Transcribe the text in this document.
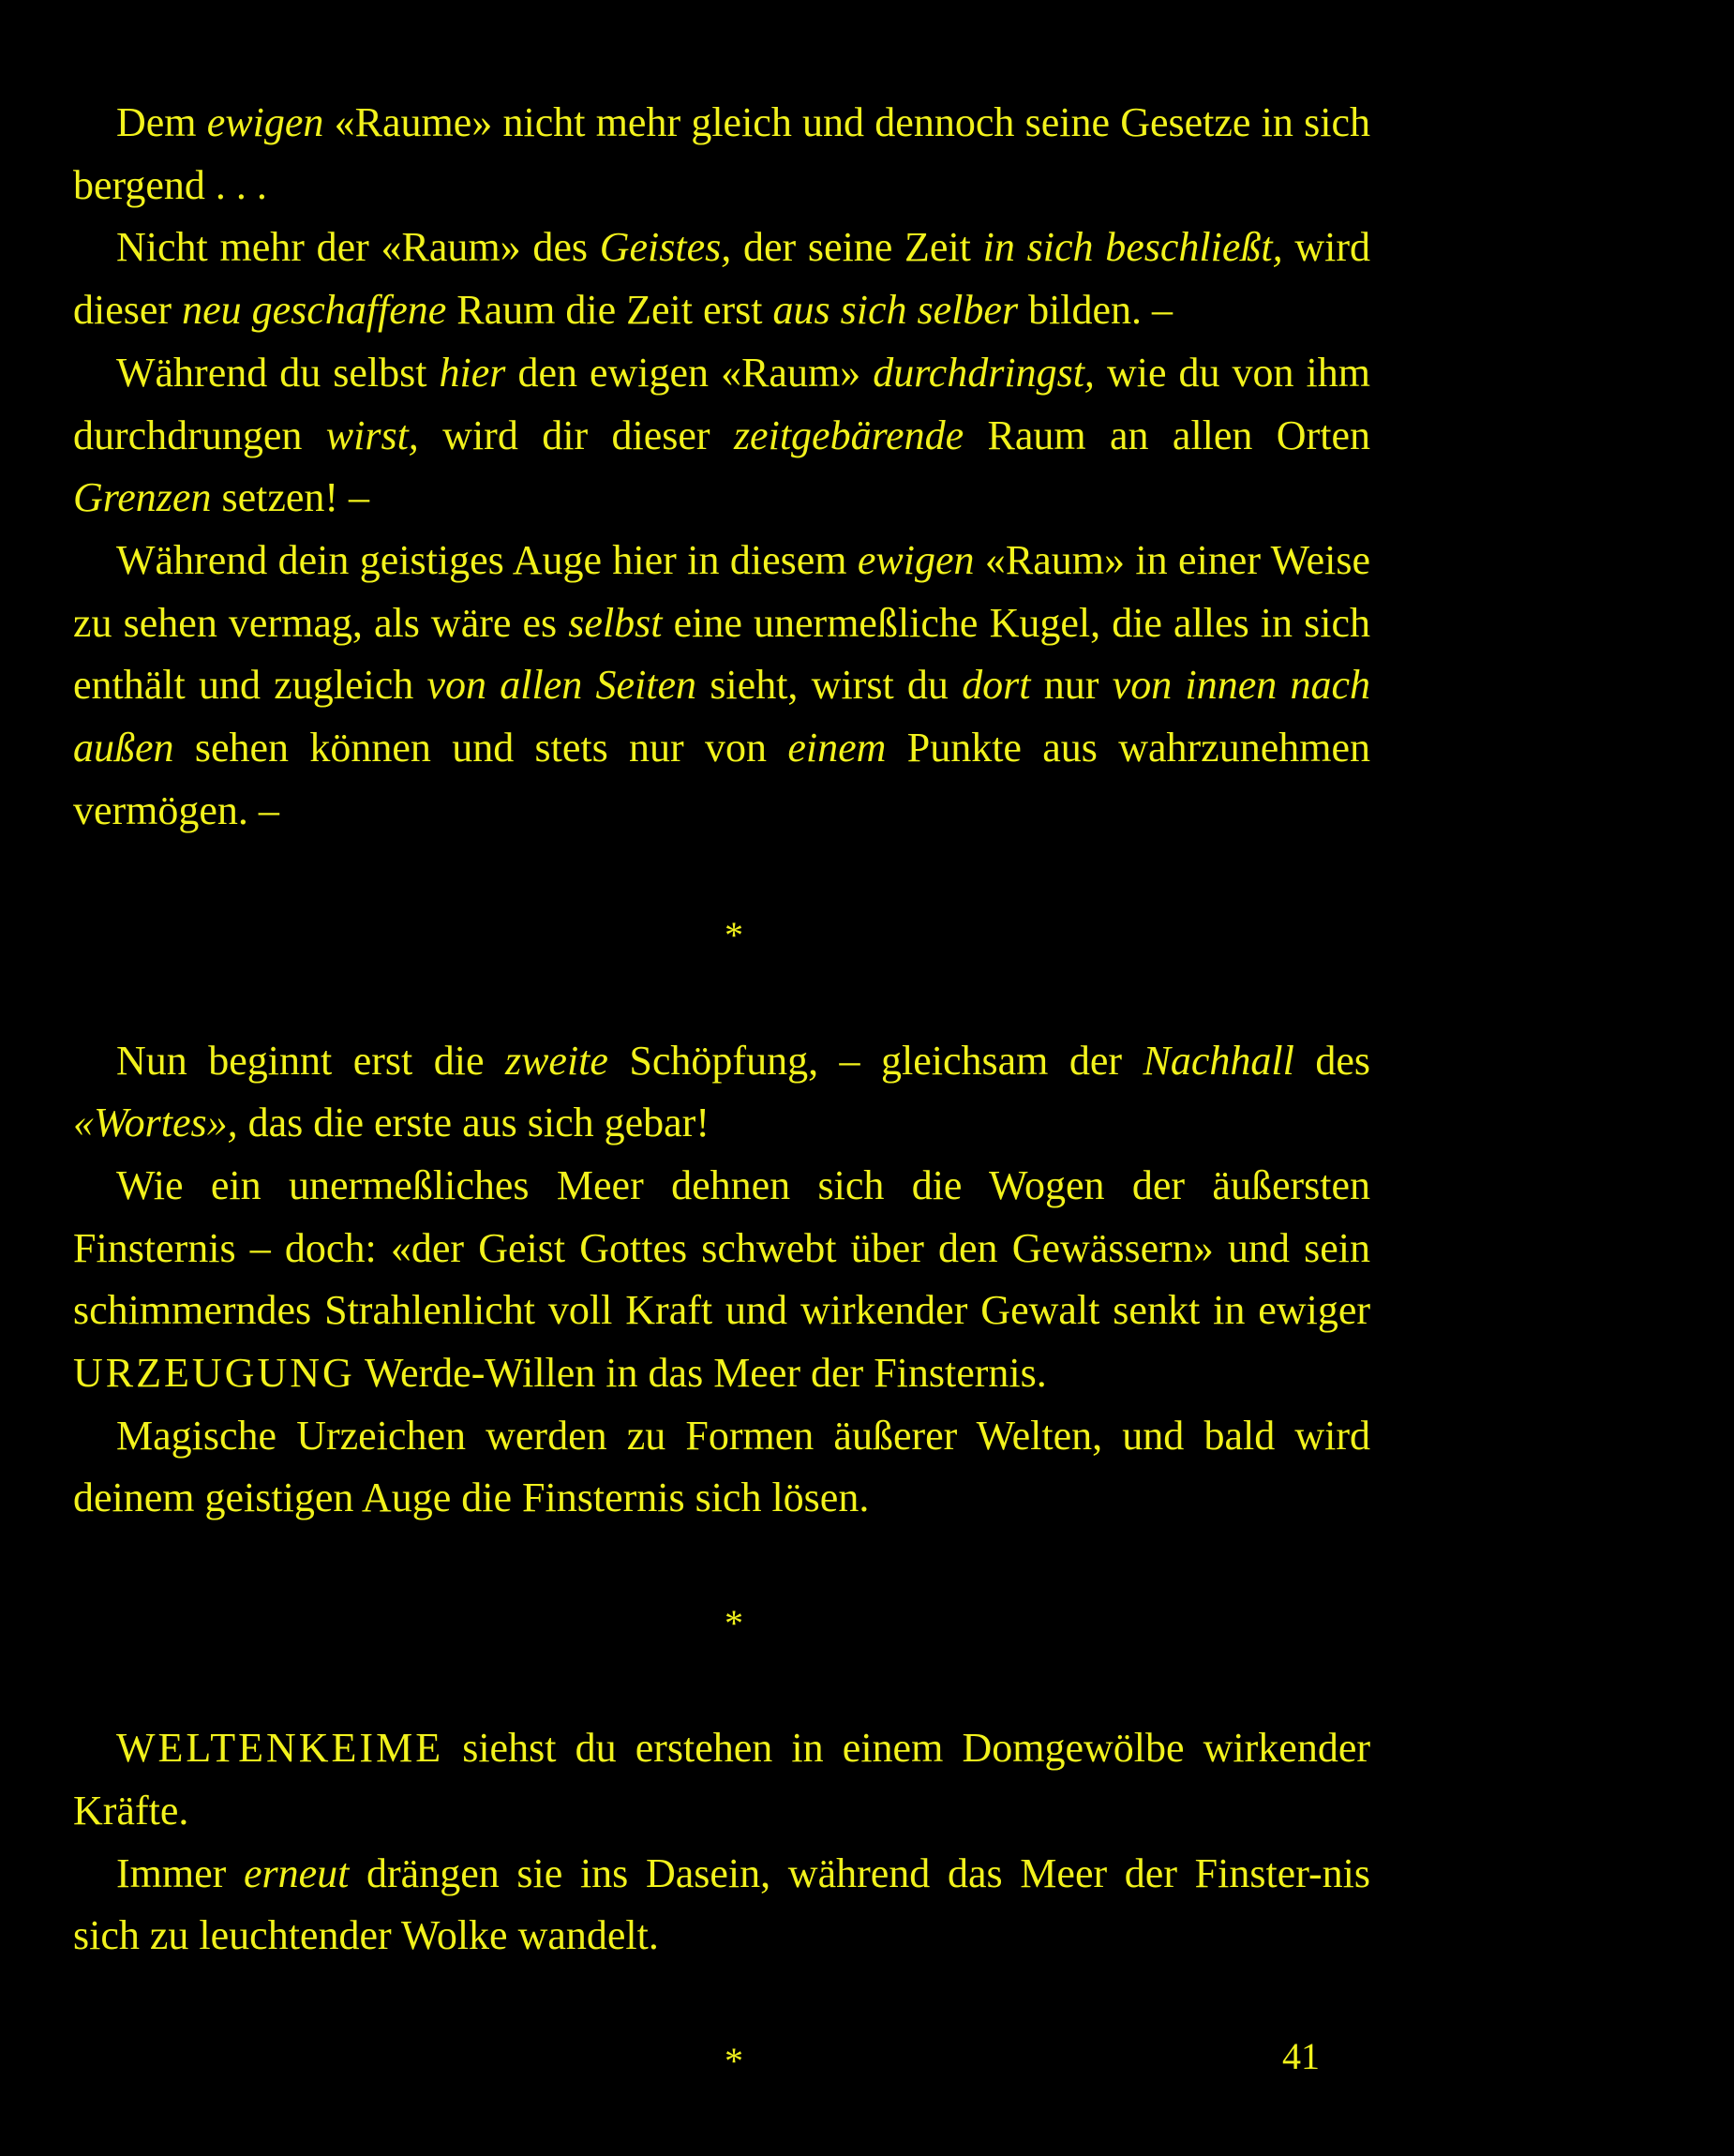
Dem ewigen «Raume» nicht mehr gleich und dennoch seine Gesetze in sich bergend . . .

Nicht mehr der «Raum» des Geistes, der seine Zeit in sich beschließt, wird dieser neu geschaffene Raum die Zeit erst aus sich selber bilden. –

Während du selbst hier den ewigen «Raum» durchdringst, wie du von ihm durchdrungen wirst, wird dir dieser zeitgebärende Raum an allen Orten Grenzen setzen! –

Während dein geistiges Auge hier in diesem ewigen «Raum» in einer Weise zu sehen vermag, als wäre es selbst eine unermeßliche Kugel, die alles in sich enthält und zugleich von allen Seiten sieht, wirst du dort nur von innen nach außen sehen können und stets nur von einem Punkte aus wahrzunehmen vermögen. –

*

Nun beginnt erst die zweite Schöpfung, – gleichsam der Nachhall des «Wortes», das die erste aus sich gebar!

Wie ein unermeßliches Meer dehnen sich die Wogen der äußersten Finsternis – doch: «der Geist Gottes schwebt über den Gewässern» und sein schimmerndes Strahlenlicht voll Kraft und wirkender Gewalt senkt in ewiger URZEUGUNG Werde-Willen in das Meer der Finsternis.

Magische Urzeichen werden zu Formen äußerer Welten, und bald wird deinem geistigen Auge die Finsternis sich lösen.

*

WELTENKEIME siehst du erstehen in einem Domgewölbe wirkender Kräfte.

Immer erneut drängen sie ins Dasein, während das Meer der Finster-nis sich zu leuchtender Wolke wandelt.

*	41
